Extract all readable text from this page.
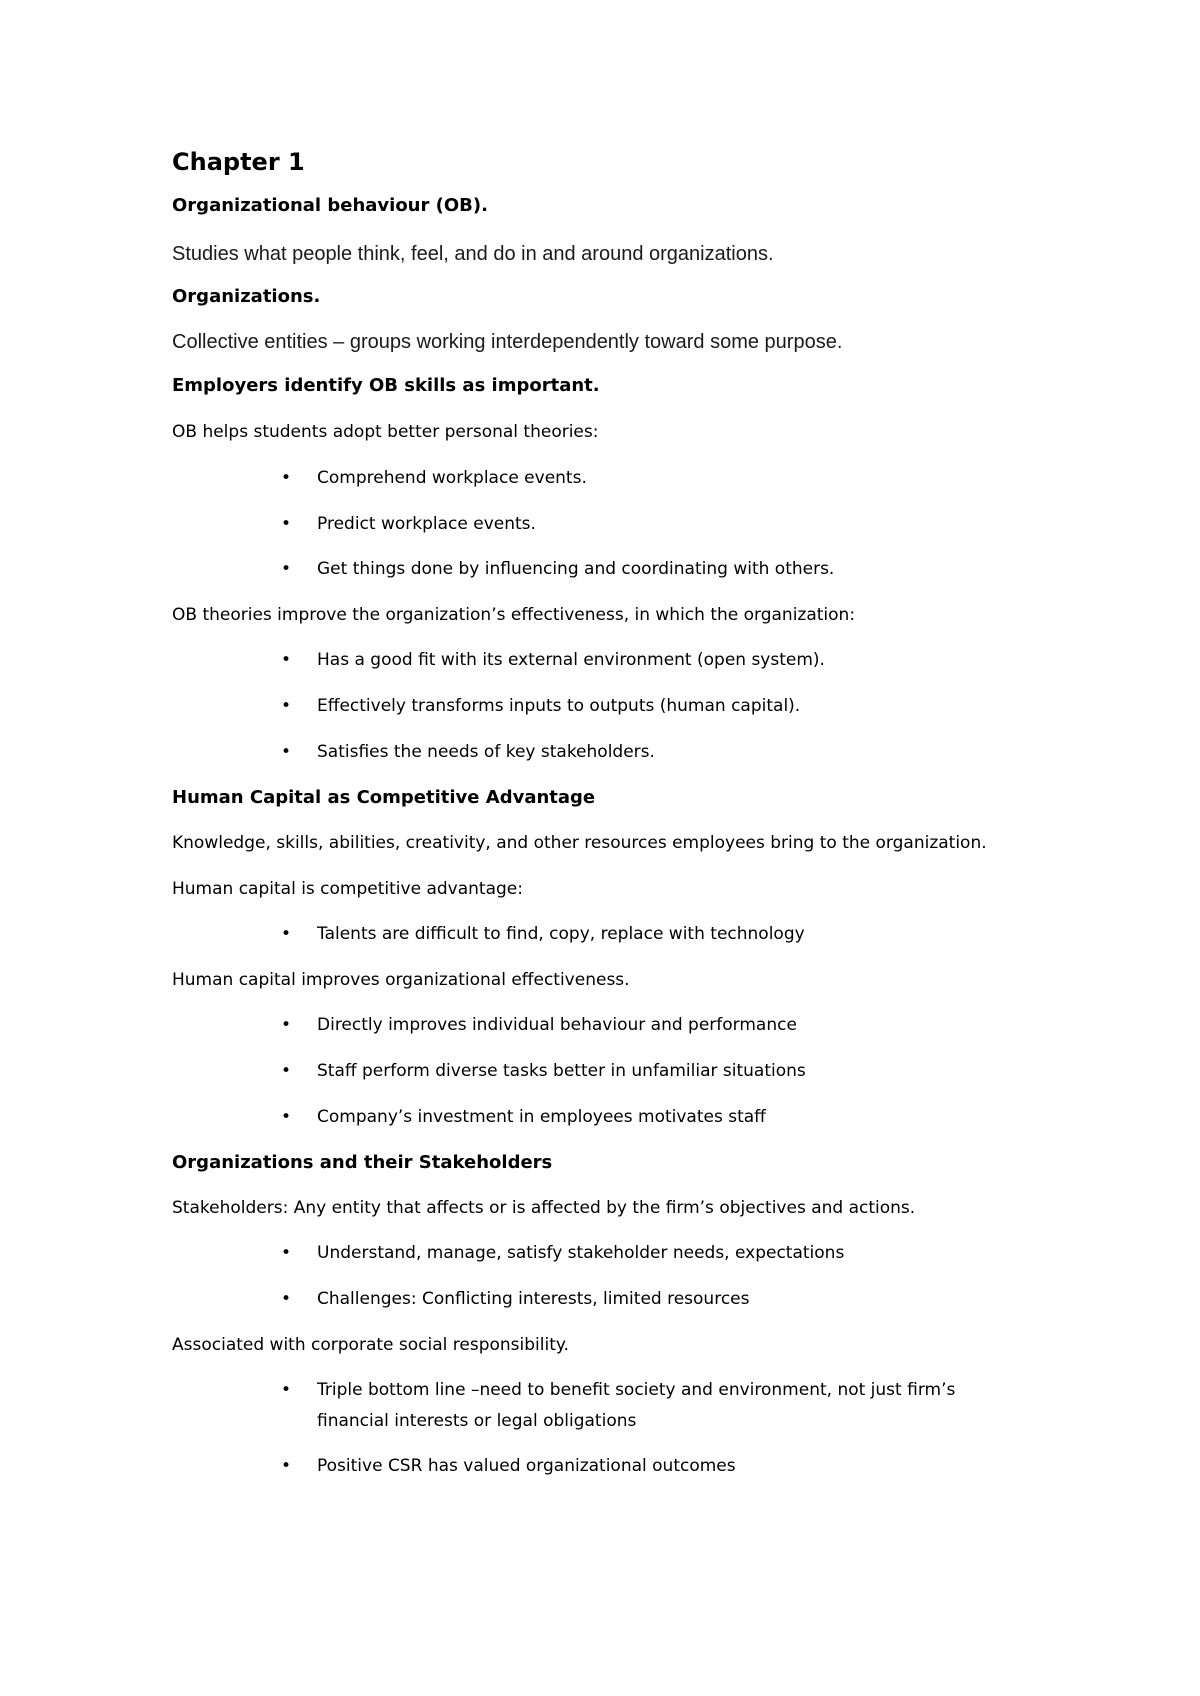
Chapter 1
Organizational behaviour (OB).
Studies what people think, feel, and do in and around organizations.
Organizations.
Collective entities – groups working interdependently toward some purpose.
Employers identify OB skills as important.
OB helps students adopt better personal theories:
• Comprehend workplace events.
• Predict workplace events.
• Get things done by influencing and coordinating with others.
OB theories improve the organization’s effectiveness, in which the organization:
• Has a good fit with its external environment (open system).
• Effectively transforms inputs to outputs (human capital).
• Satisfies the needs of key stakeholders.
Human Capital as Competitive Advantage
Knowledge, skills, abilities, creativity, and other resources employees bring to the organization.
Human capital is competitive advantage:
• Talents are difficult to find, copy, replace with technology
Human capital improves organizational effectiveness.
• Directly improves individual behaviour and performance
• Staff perform diverse tasks better in unfamiliar situations
• Company’s investment in employees motivates staff
Organizations and their Stakeholders
Stakeholders: Any entity that affects or is affected by the firm’s objectives and actions.
• Understand, manage, satisfy stakeholder needs, expectations
• Challenges: Conflicting interests, limited resources
Associated with corporate social responsibility.
• Triple bottom line –need to benefit society and environment, not just firm’s
financial interests or legal obligations
• Positive CSR has valued organizational outcomes
